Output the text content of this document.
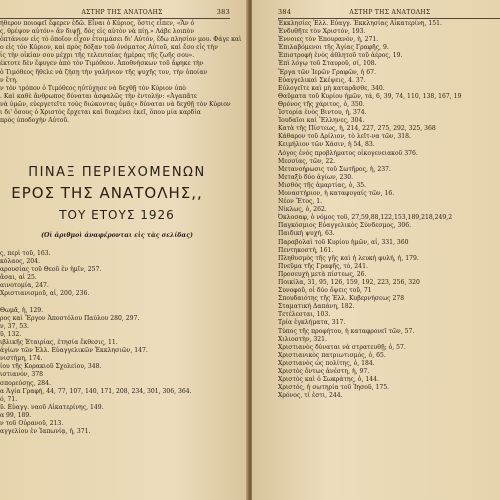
ΑΣΤΗΡ ΤΗΣ ΑΝΑΤΟΛΗΣ	383
ήθερον ποιοφεῖ ἔφερεν ἐδῶ. Εἶναι ὁ Κύριος, ὅστις εἶπεν, «Ἄν ὁ
ς, θρέψον αὐτόν» ἄν διψῇ, δὸς εἰς αὐτὸν νὰ πίῃ.» Λάβε λοιπὸν
ὀπτάνιον εἰς τὸ ὁποῖον εἶχον ἑτοιμάσει δι' Αὐτόν, ἕδω πλησίον μου. Φάγε καὶ
ο εἰς τὸν Κύριον, καὶ πρὸς δόξαν τοῦ ὀνόματος Αὐτοῦ, καὶ ἔσο εἰς τὴν
ἰς τὴν οἰκίαν σου μέχρι τῆς τελευταίας ἡμέρας τῆς ζωῆς σου».
έκτοτε δὲν ἔφυγεν ἀπὸ τὸν Τιμόθεον. Ἀποθνήσκων τοῦ ἄφηκε τὴν
ὁ Τιμόθεος ἤθελε νὰ ζήσῃ τὴν γαλήνιον τῆς ψυχῆς τον, τὴν ὁποίαν
ν ἔτη.
ν τὸν τρόπον ὁ Τιμόθεος ηὐτύχησε νὰ δεχθῇ τὸν Κύριον ὑπὸ
. Καὶ καθὲ ἄνθρωπος δύναται ἀσφαλῶς τὴν ἐντολήν: «Ἀγαπᾶτε
νὰ ὑμῶν, εὐεργετεῖτε τοὺς διώκοντας ὑμᾶς» δύναται νὰ δεχθῇ τὸν Κύριον
ι δι' ὅσους ὁ Χριστὸς ἔρχεται καὶ διαμένει ἐκεῖ, ὅπου μία καρδία
πρὸς ὑποδοχὴν Αὐτοῦ.
ΠΙΝΑΞ ΠΕΡΙΕΧΟΜΕΝΩΝ
ΕΡΟΣ ΤΗΣ ΑΝΑΤΟΛΗΣ,,
ΤΟΥ ΕΤΟΥΣ 1926
(Οἱ ἀριθμοὶ ἀναφέρονται εἰς τὰς σελίδας)
ς, περὶ τοῦ, 163.
κόλαος, 204.
αρουσίας τοῦ Θεοῦ ἐν ἡμῖν, 257.
ἄσαι, αἱ 25.
αινοτομία, 247.
Χριστιανισμοῦ, αἱ, 200, 236.

Θωμᾶ, ἡ, 129.
ρος καὶ Ἔργον Ἀποστόλου Παύλου 280, 297.
ν, 37, 53.
ῦ, 132.
ιβλικῆς Ἑταιρίας, ἐτησία ἔκθεσις, 11.
ἁγίων τῶν Ἑλλ. Εὐαγγελικῶν Ἐκκλησιῶν, 147.
νιστήμη, 174.
ίου τῆς Κορακιοῦ Σχολείου, 348.
ιστιανόν, 378
σπορεύσῃς, 284.
α Ἁγία Γραφή, 44, 77, 107, 140, 171, 208, 234, 301, 306, 364.
ό, 71.
ῦ. Εὐαγγ. ναοῦ Αἰκατερίνης, 149.
α 99, 189.
ν τοῦ Οὐρανοῦ, 213.
αγγελίου ἐν Ἰαπωνίᾳ, ἡ, 371.
384	ΑΣΤΗΡ ΤΗΣ ΑΝΑΤΟΛΗΣ
Ἐκκλησίες Ἑλλ. Εὐαγγ. Ἐκκλησίας Αἰκατερίνη, 151.
Ἐνδυθῆτε τὸν Χριστόν, 193.
Ἐννοιες τὸν Ἐπουρανόν, ἡ, 271.
Ἐπιλαβόμενοι τῆς Ἁγίας Γραφῆς, 9.
Ἐπιστροφὴ ἑνὸς ἀθλητοῦ τοῦ ἀέρος, 19.
Ἐπὶ λόγῳ τοῦ Σταυροῦ, σί, 108.
Ἔργα τῶν Ἱερῶν Γραφῶν, ἡ 67.
Εὐαγγελικαὶ Σκέψεις, 4. 37.
Εὐλογεῖτε καὶ μὴ καταρᾶσθε, 340.
Θαῦματα τοῦ Κυρίου ἡμῶν, τά, 6, 39, 74, 110, 138, 167, 19
Θρόνος τῆς χάριτος, ὁ, 350.
Ἱστορία ἑνὸς Βιντου, ἡ, 374.
Ἰουδαῖοι καὶ Ἕλληνες, 304.
Κατὰ τῆς Πίστεως, ἡ, 214, 227, 275, 292, 325, 368
Κάθαρον τοῦ Δρίλιον, τὸ λεῖτ-να τῶν, 318.
Κειμήλιον τῶν Χάσιν, ἡ 54, 83.
Λόγος ἑνὸς προβλήματος οἰκογενειακοῦ 376.
Μεσσίας, τῶν, 22.
Μετανοήρωσις τοῦ Σωτῆρος, ἡ, 237.
Μεταξὺ δύο ἀγίων, 230.
Μισθὸς τῆς ἁμαρτίας, ὁ, 35.
Μοναστήριον, ἡ καταφυγαίς τῶν, 16.
Νέον Ἔτος, 1.
Νίκλως, ὁ, 262.
Ὀκλοσαφ, ὁ νόμος τοῦ, 27,59,88,122,153,189,218,249,2
Παγκόσμιος Εὐαγγελικὸς Σύνδεσμος, 306.
Παιδικὴ ψυχή, 63.
Παραβολαὶ τοῦ Κυρίου ἡμῶν, αἱ, 331, 360
Πεντηκοστή, 161.
Πληθυσμὸς τῆς γῆς καὶ ἡ λευκὴ φυλή, ἡ, 179.
Πνεῦμα τῆς Γραφῆς, τὸ, 241.
Προσευχὴ μετὰ πίστεως, 26.
Ποικίλα, 31, 95, 126, 159, 192, 223, 256, 320
Συνοφοῦ, οἱ δύο ὄψεις τοῦ, 71
Σπουδαιότης τῆς Ἑλλ. Κυβερνήσεως 278
Σταματικὴ Δαπάνη, 182.
Τετέλεσται, 103.
Τρία ἐγκλήματα, 317.
Τύπος τῆς προφήτου, ἡ καταφρονεῖ τῶν, 57.
Χιλιοστὴν, 321.
Χριστιανὸς δύναται νὰ στρατευθῇ; ὁ, 57.
Χριστιανικὸς πατριωτισμός, ὁ, 65.
Χριστιανὸς ὡς πολίτης, ὁ, 184.
Χριστὸς ὄντως ἀνέστη, ἡ, 97.
Χριστὸς καὶ ὁ Σωκράτης, ὁ, 144.
Χριστός, ἡ σωτηρία τοῦ Ἰησοῦ, 175.
Χρόνος, τί ἐστι, 244.
